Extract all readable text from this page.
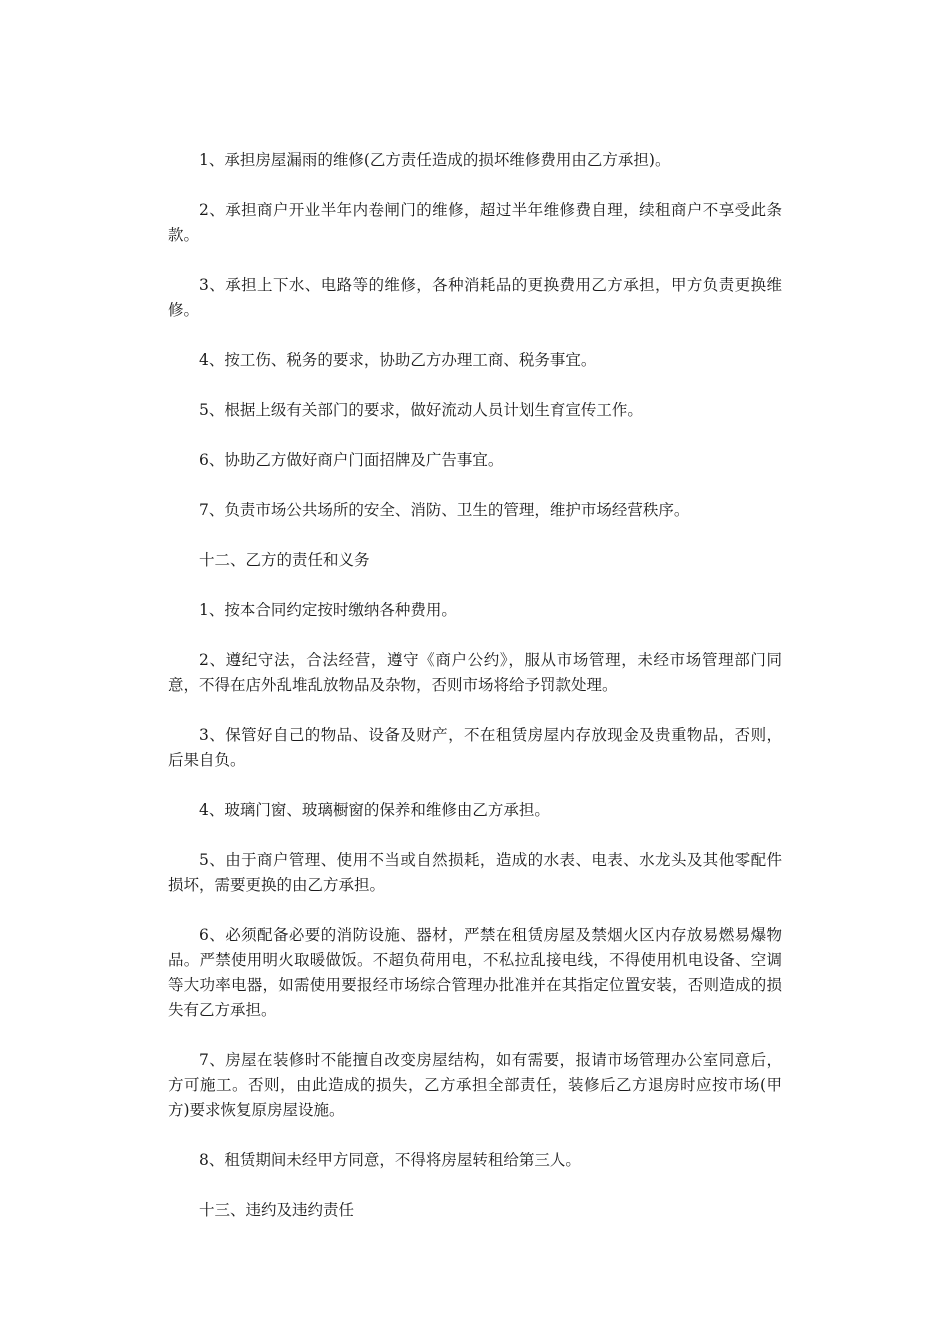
1、承担房屋漏雨的维修(乙方责任造成的损坏维修费用由乙方承担)。

2、承担商户开业半年内卷闸门的维修，超过半年维修费自理，续租商户不享受此条款。

3、承担上下水、电路等的维修，各种消耗品的更换费用乙方承担，甲方负责更换维修。

4、按工伤、税务的要求，协助乙方办理工商、税务事宜。

5、根据上级有关部门的要求，做好流动人员计划生育宣传工作。

6、协助乙方做好商户门面招牌及广告事宜。

7、负责市场公共场所的安全、消防、卫生的管理，维护市场经营秩序。

十二、乙方的责任和义务

1、按本合同约定按时缴纳各种费用。

2、遵纪守法，合法经营，遵守《商户公约》，服从市场管理，未经市场管理部门同意，不得在店外乱堆乱放物品及杂物，否则市场将给予罚款处理。

3、保管好自己的物品、设备及财产，不在租赁房屋内存放现金及贵重物品，否则，后果自负。

4、玻璃门窗、玻璃橱窗的保养和维修由乙方承担。

5、由于商户管理、使用不当或自然损耗，造成的水表、电表、水龙头及其他零配件损坏，需要更换的由乙方承担。

6、必须配备必要的消防设施、器材，严禁在租赁房屋及禁烟火区内存放易燃易爆物品。严禁使用明火取暖做饭。不超负荷用电，不私拉乱接电线，不得使用机电设备、空调等大功率电器，如需使用要报经市场综合管理办批准并在其指定位置安装，否则造成的损失有乙方承担。

7、房屋在装修时不能擅自改变房屋结构，如有需要，报请市场管理办公室同意后，方可施工。否则，由此造成的损失，乙方承担全部责任，装修后乙方退房时应按市场(甲方)要求恢复原房屋设施。

8、租赁期间未经甲方同意，不得将房屋转租给第三人。

十三、违约及违约责任
